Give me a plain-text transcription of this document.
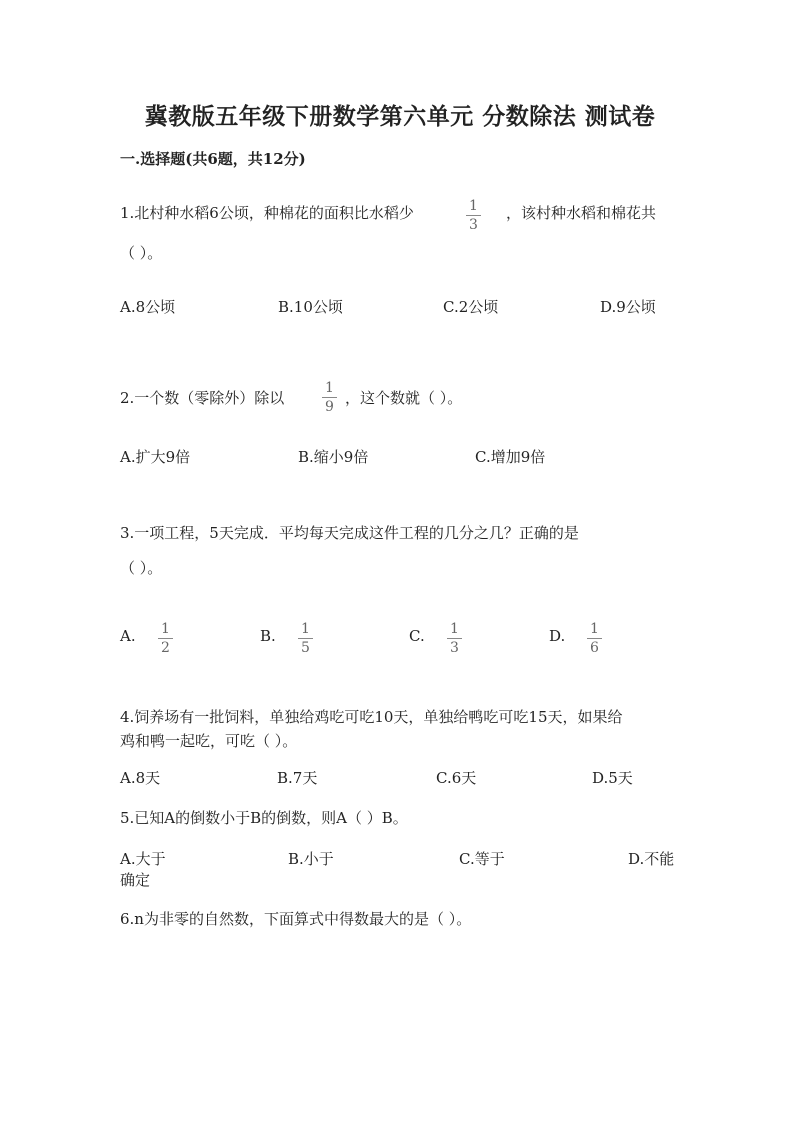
冀教版五年级下册数学第六单元 分数除法 测试卷
一.选择题(共6题，共12分)
1.北村种水稻6公顷，种棉花的面积比水稻少	$\frac{1}{3}$ ，该村种水稻和棉花共
（ ）。
A.8公顷	B.10公顷	C.2公顷	D.9公顷
2.一个数（零除外）除以	$\frac{1}{9}$ ，这个数就（ ）。
A.扩大9倍	B.缩小9倍	C.增加9倍
3.一项工程，5天完成．平均每天完成这件工程的几分之几？正确的是
（ ）。
A. $\frac{1}{2}$	B. $\frac{1}{5}$	C. $\frac{1}{3}$	D. $\frac{1}{6}$
4.饲养场有一批饲料，单独给鸡吃可吃10天，单独给鸭吃可吃15天，如果给
鸡和鸭一起吃，可吃（ ）。
A.8天	B.7天	C.6天	D.5天
5.已知A的倒数小于B的倒数，则A（ ）B。
A.大于	B.小于	C.等于	D.不能
确定
6.n为非零的自然数，下面算式中得数最大的是（ ）。
